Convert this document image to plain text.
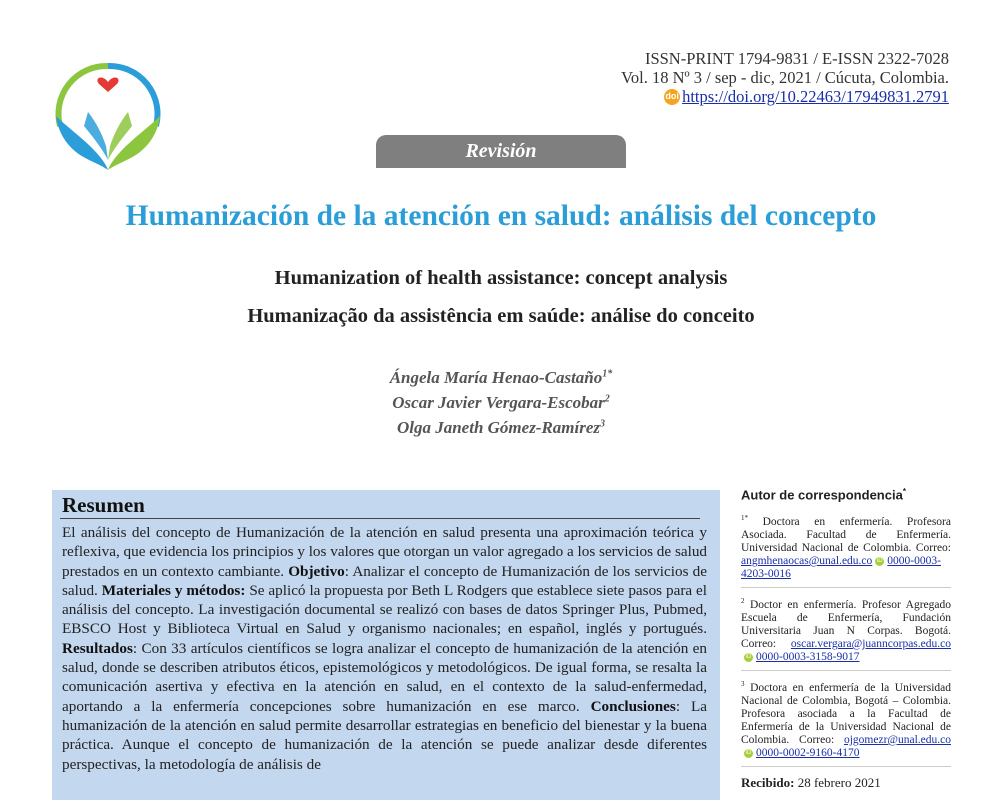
ISSN-PRINT 1794-9831 / E-ISSN 2322-7028
Vol. 18 Nº 3 / sep - dic, 2021 / Cúcuta, Colombia.
doi https://doi.org/10.22463/17949831.2791
Revisión
Humanización de la atención en salud: análisis del concepto
Humanization of health assistance: concept analysis
Humanização da assistência em saúde: análise do conceito
Ángela María Henao-Castaño$^{1*}$
Oscar Javier Vergara-Escobar$^2$
Olga Janeth Gómez-Ramírez$^3$
Resumen
El análisis del concepto de Humanización de la atención en salud presenta una aproximación teórica y reflexiva, que evidencia los principios y los valores que otorgan un valor agregado a los servicios de salud prestados en un contexto cambiante. Objetivo: Analizar el concepto de Humanización de los servicios de salud. Materiales y métodos: Se aplicó la propuesta por Beth L Rodgers que establece siete pasos para el análisis del concepto. La investigación documental se realizó con bases de datos Springer Plus, Pubmed, EBSCO Host y Biblioteca Virtual en Salud y organismo nacionales; en español, inglés y portugués. Resultados: Con 33 artículos científicos se logra analizar el concepto de humanización de la atención en salud, donde se describen atributos éticos, epistemológicos y metodológicos. De igual forma, se resalta la comunicación asertiva y efectiva en la atención en salud, en el contexto de la salud-enfermedad, aportando a la enfermería concepciones sobre humanización en ese marco. Conclusiones: La humanización de la atención en salud permite desarrollar estrategias en beneficio del bienestar y la buena práctica. Aunque el concepto de humanización de la atención se puede analizar desde diferentes perspectivas, la metodología de análisis de
Autor de correspondencia*
$^{1*}$ Doctora en enfermería. Profesora Asociada. Facultad de Enfermería. Universidad Nacional de Colombia. Correo: angmhenaocas@unal.edu.co iD 0000-0003-4203-0016
$^2$ Doctor en enfermería. Profesor Agregado Escuela de Enfermería, Fundación Universitaria Juan N Corpas. Bogotá. Correo: oscar.vergara@juanncorpas.edu.coiD 0000-0003-3158-9017
$^3$ Doctora en enfermería de la Universidad Nacional de Colombia, Bogotá – Colombia. Profesora asociada a la Facultad de Enfermería de la Universidad Nacional de Colombia. Correo: ojgomezr@unal.edu.coiD 0000-0002-9160-4170
Recibido: 28 febrero 2021
